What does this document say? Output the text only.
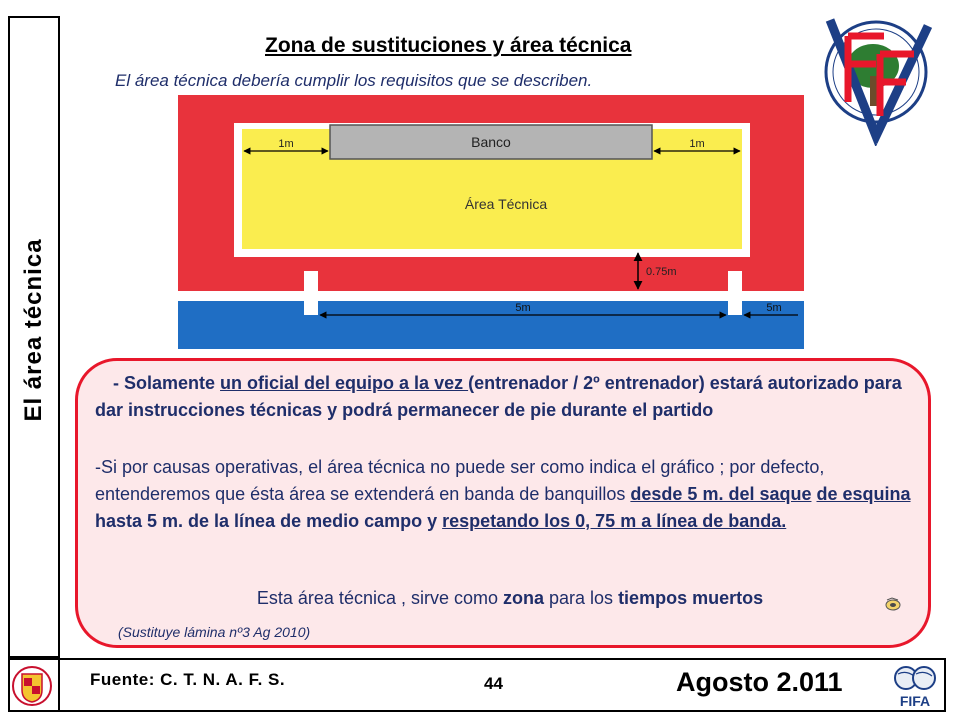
El área técnica
Zona de sustituciones y área técnica
El área técnica debería cumplir los requisitos que se describen.
FVF
Banco
Área Técnica
1m	1m
0.75m
5m	5m

- Solamente un oficial del equipo a la vez (entrenador / 2º entrenador) estará autorizado para dar instrucciones técnicas y podrá permanecer de pie durante el partido

-Si por causas operativas, el área técnica no puede ser como indica el gráfico ; por defecto, entenderemos que ésta área se extenderá en banda de banquillos desde 5 m. del saque de esquina hasta 5 m. de la línea de medio campo y respetando los 0, 75 m a línea de banda.

Esta área técnica , sirve como zona para los tiempos muertos
(Sustituye lámina nº3 Ag 2010)
RFEF
Fuente: C. T. N. A. F. S.	44	Agosto 2.011
FIFA
